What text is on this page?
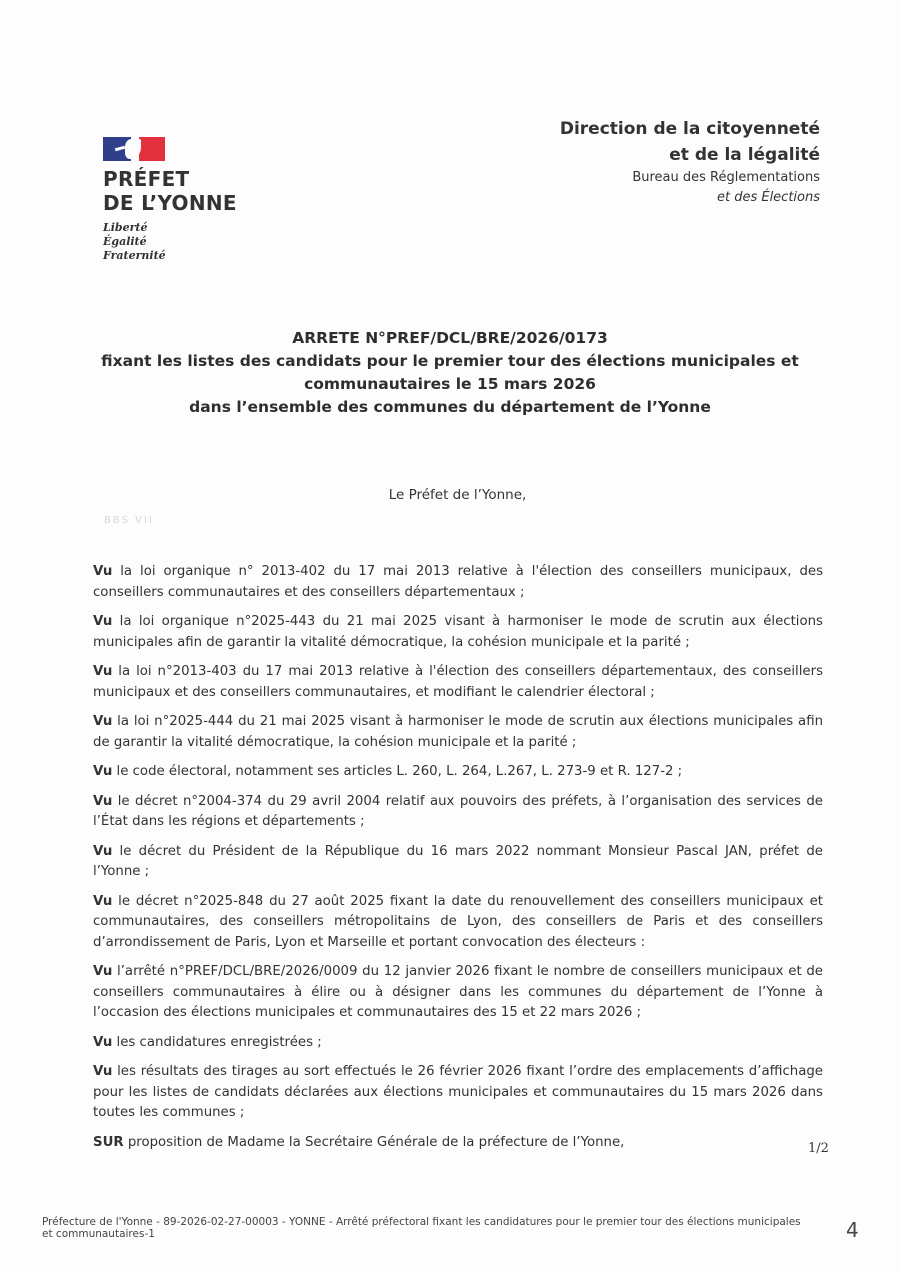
PRÉFET
DE L’YONNE
Liberté
Égalité
Fraternité
Direction de la citoyenneté
et de la légalité
Bureau des Réglementations
et des Élections
ARRETE N°PREF/DCL/BRE/2026/0173
fixant les listes des candidats pour le premier tour des élections municipales et
communautaires le 15 mars 2026
dans l’ensemble des communes du département de l’Yonne
Le Préfet de l’Yonne,
BBS VII

Vu la loi organique n° 2013-402 du 17 mai 2013 relative à l'élection des conseillers municipaux, des conseillers communautaires et des conseillers départementaux ;

Vu la loi organique n°2025-443 du 21 mai 2025 visant à harmoniser le mode de scrutin aux élections municipales afin de garantir la vitalité démocratique, la cohésion municipale et la parité ;

Vu la loi n°2013-403 du 17 mai 2013 relative à l'élection des conseillers départementaux, des conseillers municipaux et des conseillers communautaires, et modifiant le calendrier électoral ;

Vu la loi n°2025-444 du 21 mai 2025 visant à harmoniser le mode de scrutin aux élections municipales afin de garantir la vitalité démocratique, la cohésion municipale et la parité ;

Vu le code électoral, notamment ses articles L. 260, L. 264, L.267, L. 273-9 et R. 127-2 ;

Vu le décret n°2004-374 du 29 avril 2004 relatif aux pouvoirs des préfets, à l’organisation des services de l’État dans les régions et départements ;

Vu le décret du Président de la République du 16 mars 2022 nommant Monsieur Pascal JAN, préfet de l’Yonne ;

Vu le décret n°2025-848 du 27 août 2025 fixant la date du renouvellement des conseillers municipaux et communautaires, des conseillers métropolitains de Lyon, des conseillers de Paris et des conseillers d’arrondissement de Paris, Lyon et Marseille et portant convocation des électeurs :

Vu l’arrêté n°PREF/DCL/BRE/2026/0009 du 12 janvier 2026 fixant le nombre de conseillers municipaux et de conseillers communautaires à élire ou à désigner dans les communes du département de l’Yonne à l’occasion des élections municipales et communautaires des 15 et 22 mars 2026 ;

Vu les candidatures enregistrées ;

Vu les résultats des tirages au sort effectués le 26 février 2026 fixant l’ordre des emplacements d’affichage pour les listes de candidats déclarées aux élections municipales et communautaires du 15 mars 2026 dans toutes les communes ;

SUR proposition de Madame la Secrétaire Générale de la préfecture de l’Yonne,	1/2
Préfecture de l'Yonne - 89-2026-02-27-00003 - YONNE - Arrêté préfectoral fixant les candidatures pour le premier tour des élections municipales et communautaires-1	4
